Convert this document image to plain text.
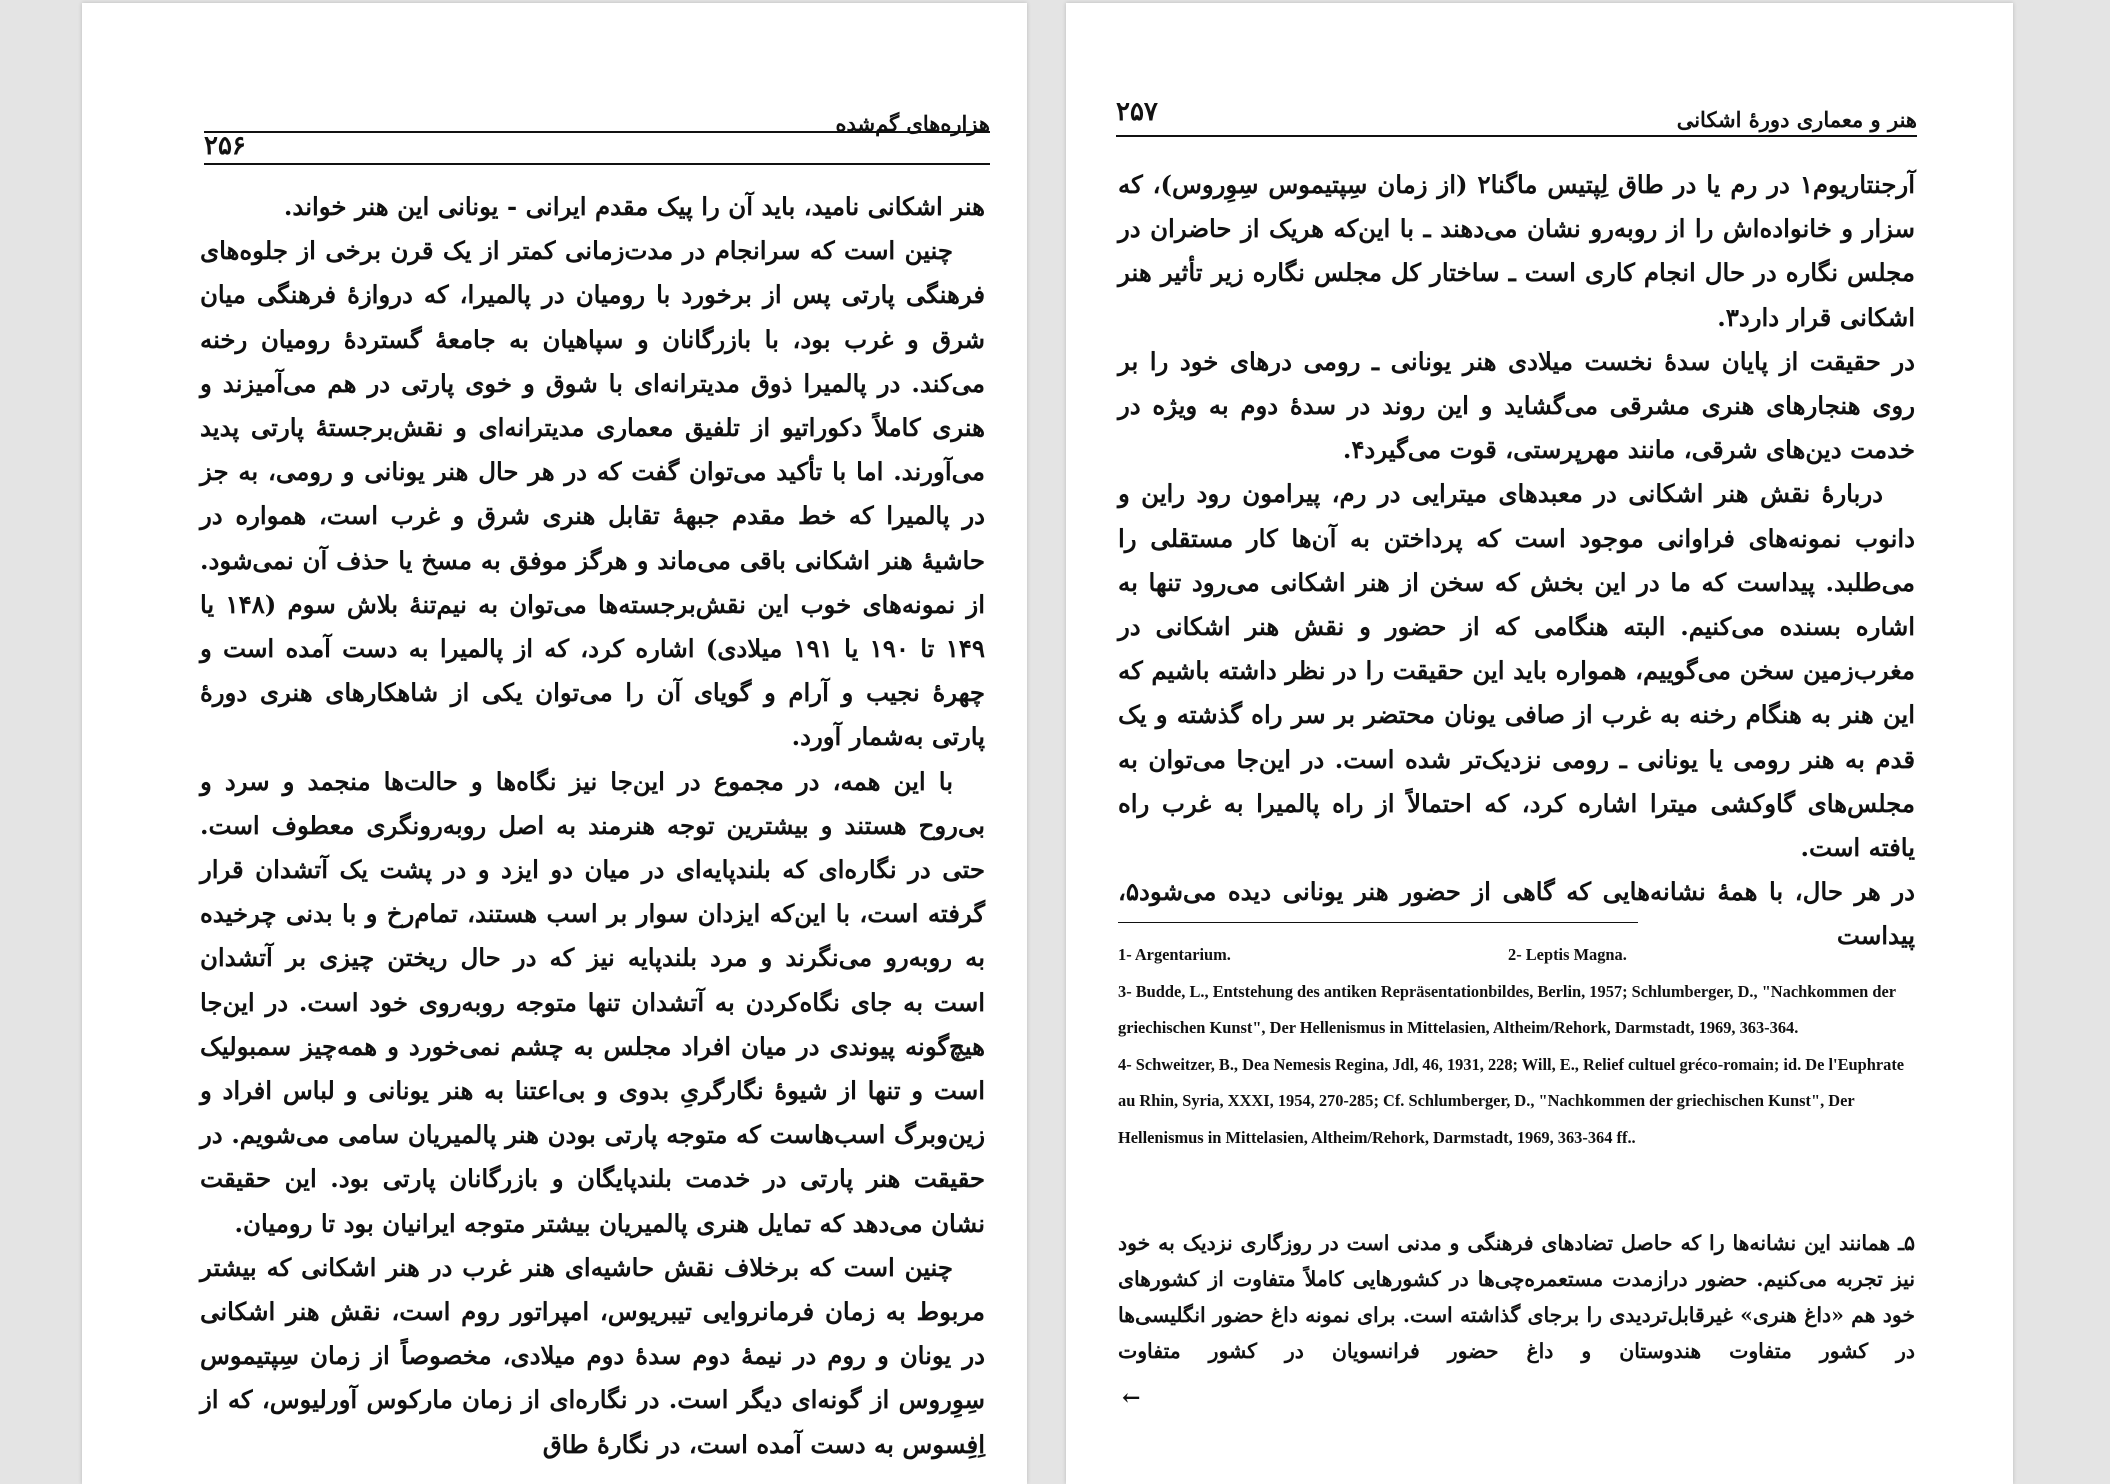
هزاره‌های گم‌شده
۲۵۶

هنر اشکانی نامید، باید آن را پیک مقدم ایرانی - یونانی این هنر خواند.

چنین است که سرانجام در مدت‌زمانی کمتر از یک قرن برخی از جلوه‌های فرهنگی پارتی پس از برخورد با رومیان در پالمیرا، که دروازهٔ فرهنگی میان شرق و غرب بود، با بازرگانان و سپاهیان به جامعهٔ گستردهٔ رومیان رخنه می‌کند. در پالمیرا ذوق مدیترانه‌ای با شوق و خوی پارتی در هم می‌آمیزند و هنری کاملاً دکوراتیو از تلفیق معماری مدیترانه‌ای و نقش‌برجستهٔ پارتی پدید می‌آورند. اما با تأکید می‌توان گفت که در هر حال هنر یونانی و رومی، به جز در پالمیرا که خط مقدم جبههٔ تقابل هنری شرق و غرب است، همواره در حاشیهٔ هنر اشکانی باقی می‌ماند و هرگز موفق به مسخ یا حذف آن نمی‌شود. از نمونه‌های خوب این نقش‌برجسته‌ها می‌توان به نیم‌تنهٔ بلاش سوم (۱۴۸ یا ۱۴۹ تا ۱۹۰ یا ۱۹۱ میلادی) اشاره کرد، که از پالمیرا به دست آمده است و چهرهٔ نجیب و آرام و گویای آن را می‌توان یکی از شاهکارهای هنری دورهٔ پارتی به‌شمار آورد.

با این همه، در مجموع در این‌جا نیز نگاه‌ها و حالت‌ها منجمد و سرد و بی‌روح هستند و بیشترین توجه هنرمند به اصل روبه‌رونگری معطوف است. حتی در نگاره‌ای که بلندپایه‌ای در میان دو ایزد و در پشت یک آتشدان قرار گرفته است، با این‌که ایزدان سوار بر اسب هستند، تمام‌رخ و با بدنی چرخیده به روبه‌رو می‌نگرند و مرد بلندپایه نیز که در حال ریختن چیزی بر آتشدان است به جای نگاه‌کردن به آتشدان تنها متوجه روبه‌روی خود است. در این‌جا هیچ‌گونه پیوندی در میان افراد مجلس به چشم نمی‌خورد و همه‌چیز سمبولیک است و تنها از شیوهٔ نگارگریِ بدوی و بی‌اعتنا به هنر یونانی و لباس افراد و زین‌وبرگ اسب‌هاست که متوجه پارتی بودن هنر پالمیریان سامی می‌شویم. در حقیقت هنر پارتی در خدمت بلندپایگان و بازرگانان پارتی بود. این حقیقت نشان می‌دهد که تمایل هنری پالمیریان بیشتر متوجه ایرانیان بود تا رومیان.

چنین است که برخلاف نقش حاشیه‌ای هنر غرب در هنر اشکانی که بیشتر مربوط به زمان فرمانروایی تیبریوس، امپراتور روم است، نقش هنر اشکانی در یونان و روم در نیمهٔ دوم سدهٔ دوم میلادی، مخصوصاً از زمان سِپتیموس سِوِروس از گونه‌ای دیگر است. در نگاره‌ای از زمان مارکوس آورلیوس، که از اِفِسوس به دست آمده است، در نگارهٔ طاق

هنر و معماری دورهٔ اشکانی
۲۵۷

آرجنتاریوم۱ در رم یا در طاق لِپتیس ماگنا۲ (از زمان سِپتیموس سِوِروس)، که سزار و خانواده‌اش را از روبه‌رو نشان می‌دهند ـ با این‌که هریک از حاضران در مجلس نگاره در حال انجام کاری است ـ ساختار کل مجلس نگاره زیر تأثیر هنر اشکانی قرار دارد۳.

در حقیقت از پایان سدهٔ نخست میلادی هنر یونانی ـ رومی درهای خود را بر روی هنجارهای هنری مشرقی می‌گشاید و این روند در سدهٔ دوم به ویژه در خدمت دین‌های شرقی، مانند مهرپرستی، قوت می‌گیرد۴.

دربارهٔ نقش هنر اشکانی در معبدهای میترایی در رم، پیرامون رود راین و دانوب نمونه‌های فراوانی موجود است که پرداختن به آن‌ها کار مستقلی را می‌طلبد. پیداست که ما در این بخش که سخن از هنر اشکانی می‌رود تنها به اشاره بسنده می‌کنیم. البته هنگامی که از حضور و نقش هنر اشکانی در مغرب‌زمین سخن می‌گوییم، همواره باید این حقیقت را در نظر داشته باشیم که این هنر به هنگام رخنه به غرب از صافی یونان محتضر بر سر راه گذشته و یک قدم به هنر رومی یا یونانی ـ رومی نزدیک‌تر شده است. در این‌جا می‌توان به مجلس‌های گاوکشی میترا اشاره کرد، که احتمالاً از راه پالمیرا به غرب راه یافته است.

در هر حال، با همهٔ نشانه‌هایی که گاهی از حضور هنر یونانی دیده می‌شود۵، پیداست

1- Argentarium.	2- Leptis Magna.

3- Budde, L., Entstehung des antiken Repräsentationbildes, Berlin, 1957; Schlumberger, D., "Nachkommen der griechischen Kunst", Der Hellenismus in Mittelasien, Altheim/Rehork, Darmstadt, 1969, 363-364.

4- Schweitzer, B., Dea Nemesis Regina, Jdl, 46, 1931, 228; Will, E., Relief cultuel gréco-romain; id. De l'Euphrate au Rhin, Syria, XXXI, 1954, 270-285; Cf. Schlumberger, D., "Nachkommen der griechischen Kunst", Der Hellenismus in Mittelasien, Altheim/Rehork, Darmstadt, 1969, 363-364 ff..

۵ـ همانند این نشانه‌ها را که حاصل تضادهای فرهنگی و مدنی است در روزگاری نزدیک به خود نیز تجربه می‌کنیم. حضور درازمدت مستعمره‌چی‌ها در کشورهایی کاملاً متفاوت از کشورهای خود هم «داغ هنری» غیرقابل‌تردیدی را برجای گذاشته است. برای نمونه داغ حضور انگلیسی‌ها در کشور متفاوت هندوستان و داغ حضور فرانسویان در کشور متفاوت
←
